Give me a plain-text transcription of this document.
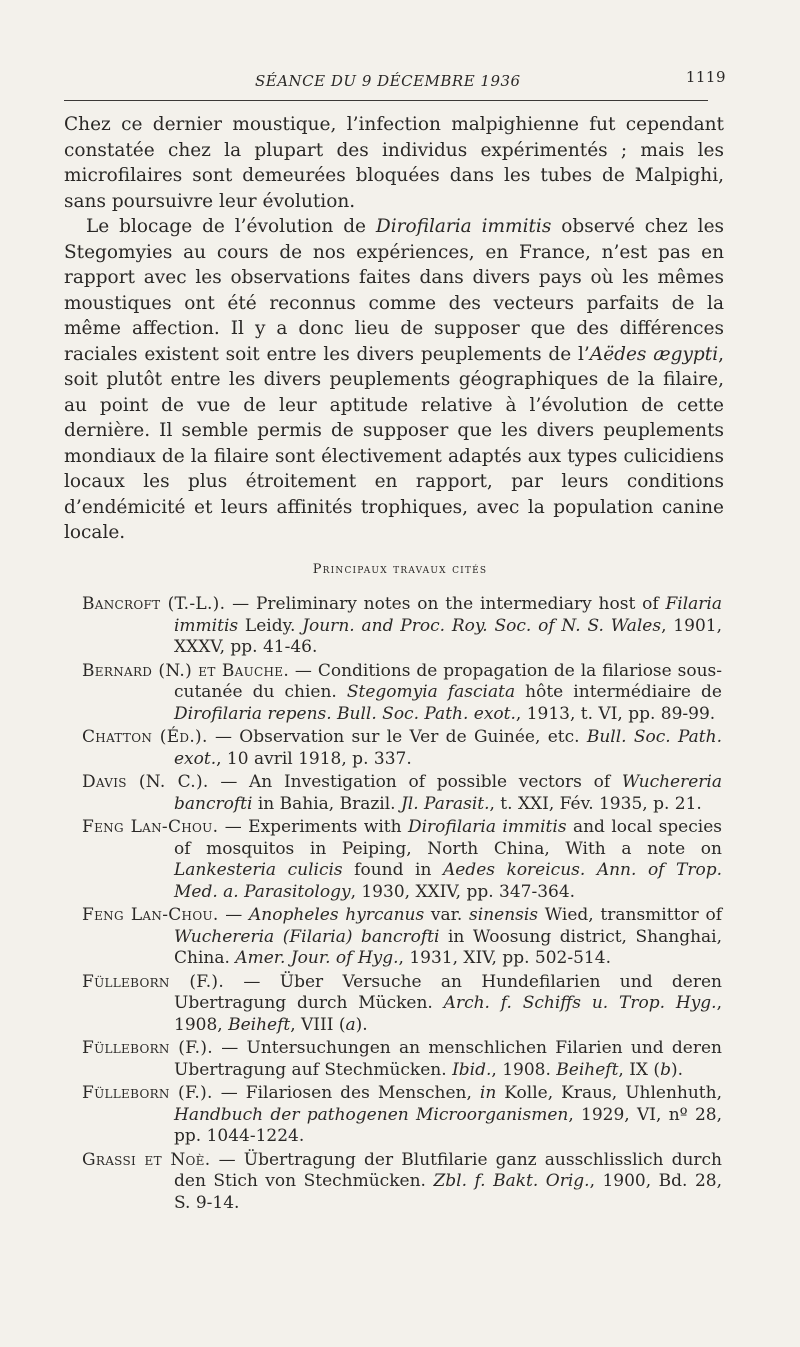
SÉANCE DU 9 DÉCEMBRE 1936	1119

Chez ce dernier moustique, l’infection malpighienne fut cependant constatée chez la plupart des individus expérimentés ; mais les microfilaires sont demeurées bloquées dans les tubes de Malpighi, sans poursuivre leur évolution.

Le blocage de l’évolution de Dirofilaria immitis observé chez les Stegomyies au cours de nos expériences, en France, n’est pas en rapport avec les observations faites dans divers pays où les mêmes moustiques ont été reconnus comme des vecteurs parfaits de la même affection. Il y a donc lieu de supposer que des différences raciales existent soit entre les divers peuplements de l’Aëdes ægypti, soit plutôt entre les divers peuplements géographiques de la filaire, au point de vue de leur aptitude relative à l’évolution de cette dernière. Il semble permis de supposer que les divers peuplements mondiaux de la filaire sont électivement adaptés aux types culicidiens locaux les plus étroitement en rapport, par leurs conditions d’endémicité et leurs affinités trophiques, avec la population canine locale.

Principaux travaux cités

Bancroft (T.-L.). — Preliminary notes on the intermediary host of Filaria immitis Leidy. Journ. and Proc. Roy. Soc. of N. S. Wales, 1901, XXXV, pp. 41-46.

Bernard (N.) et Bauche. — Conditions de propagation de la filariose sous-cutanée du chien. Stegomyia fasciata hôte intermédiaire de Dirofilaria repens. Bull. Soc. Path. exot., 1913, t. VI, pp. 89-99.

Chatton (Éd.). — Observation sur le Ver de Guinée, etc. Bull. Soc. Path. exot., 10 avril 1918, p. 337.

Davis (N. C.). — An Investigation of possible vectors of Wuchereria bancrofti in Bahia, Brazil. Jl. Parasit., t. XXI, Fév. 1935, p. 21.

Feng Lan-Chou. — Experiments with Dirofilaria immitis and local species of mosquitos in Peiping, North China, With a note on Lankesteria culicis found in Aedes koreicus. Ann. of Trop. Med. a. Parasitology, 1930, XXIV, pp. 347-364.

Feng Lan-Chou. — Anopheles hyrcanus var. sinensis Wied, transmittor of Wuchereria (Filaria) bancrofti in Woosung district, Shanghai, China. Amer. Jour. of Hyg., 1931, XIV, pp. 502-514.

Fülleborn (F.). — Über Versuche an Hundefilarien und deren Ubertragung durch Mücken. Arch. f. Schiffs u. Trop. Hyg., 1908, Beiheft, VIII (a).

Fülleborn (F.). — Untersuchungen an menschlichen Filarien und deren Ubertragung auf Stechmücken. Ibid., 1908. Beiheft, IX (b).

Fülleborn (F.). — Filariosen des Menschen, in Kolle, Kraus, Uhlenhuth, Handbuch der pathogenen Microorganismen, 1929, VI, nº 28, pp. 1044-1224.

Grassi et Noè. — Übertragung der Blutfilarie ganz ausschlisslich durch den Stich von Stechmücken. Zbl. f. Bakt. Orig., 1900, Bd. 28, S. 9-14.
